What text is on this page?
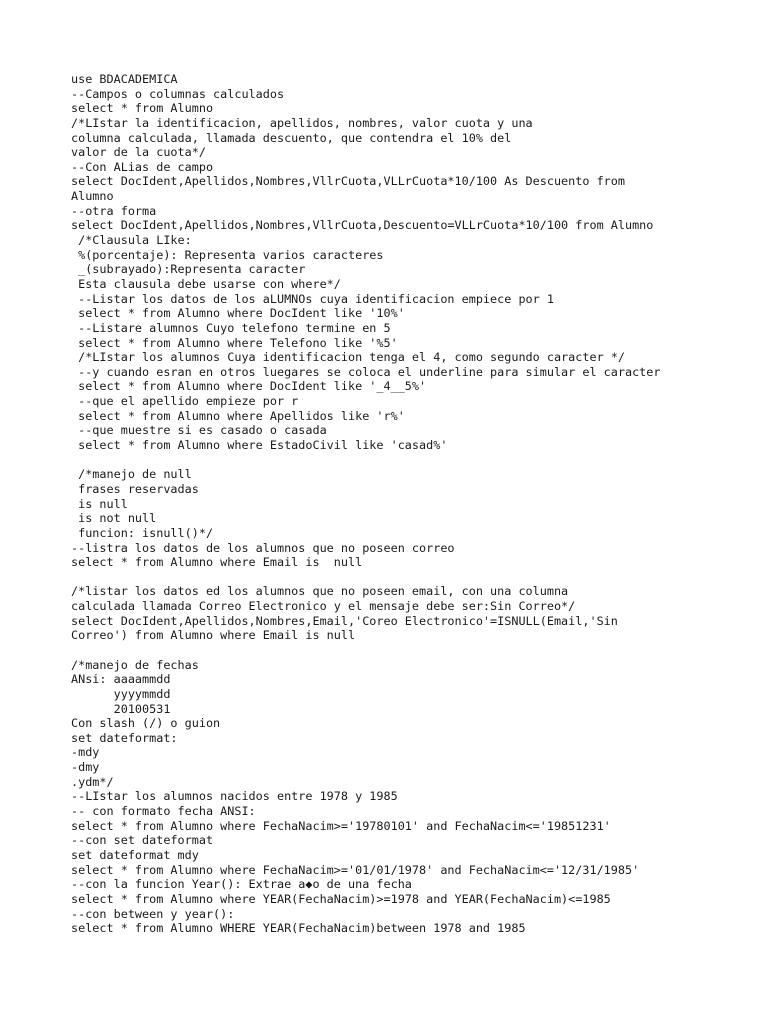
use BDACADEMICA
--Campos o columnas calculados
select * from Alumno
/*LIstar la identificacion, apellidos, nombres, valor cuota y una
columna calculada, llamada descuento, que contendra el 10% del
valor de la cuota*/
--Con ALias de campo
select DocIdent,Apellidos,Nombres,VllrCuota,VLLrCuota*10/100 As Descuento from
Alumno
--otra forma
select DocIdent,Apellidos,Nombres,VllrCuota,Descuento=VLLrCuota*10/100 from Alumno
/*Clausula LIke:
%(porcentaje): Representa varios caracteres
_(subrayado):Representa caracter
Esta clausula debe usarse con where*/
--Listar los datos de los aLUMNOs cuya identificacion empiece por 1
select * from Alumno where DocIdent like '10%'
--Listare alumnos Cuyo telefono termine en 5
select * from Alumno where Telefono like '%5'
/*LIstar los alumnos Cuya identificacion tenga el 4, como segundo caracter */
--y cuando esran en otros luegares se coloca el underline para simular el caracter
select * from Alumno where DocIdent like '_4__5%'
--que el apellido empieze por r
select * from Alumno where Apellidos like 'r%'
--que muestre si es casado o casada
select * from Alumno where EstadoCivil like 'casad%'
/*manejo de null
frases reservadas
is null
is not null
funcion: isnull()*/
--listra los datos de los alumnos que no poseen correo
select * from Alumno where Email is  null
/*listar los datos ed los alumnos que no poseen email, con una columna
calculada llamada Correo Electronico y el mensaje debe ser:Sin Correo*/
select DocIdent,Apellidos,Nombres,Email,'Coreo Electronico'=ISNULL(Email,'Sin
Correo') from Alumno where Email is null
/*manejo de fechas
ANsi: aaaammdd
yyyymmdd
20100531
Con slash (/) o guion
set dateformat:
-mdy
-dmy
.ydm*/
--LIstar los alumnos nacidos entre 1978 y 1985
-- con formato fecha ANSI:
select * from Alumno where FechaNacim>='19780101' and FechaNacim<='19851231'
--con set dateformat
set dateformat mdy
select * from Alumno where FechaNacim>='01/01/1978' and FechaNacim<='12/31/1985'
--con la funcion Year(): Extrae a◆o de una fecha
select * from Alumno where YEAR(FechaNacim)>=1978 and YEAR(FechaNacim)<=1985
--con between y year():
select * from Alumno WHERE YEAR(FechaNacim)between 1978 and 1985
